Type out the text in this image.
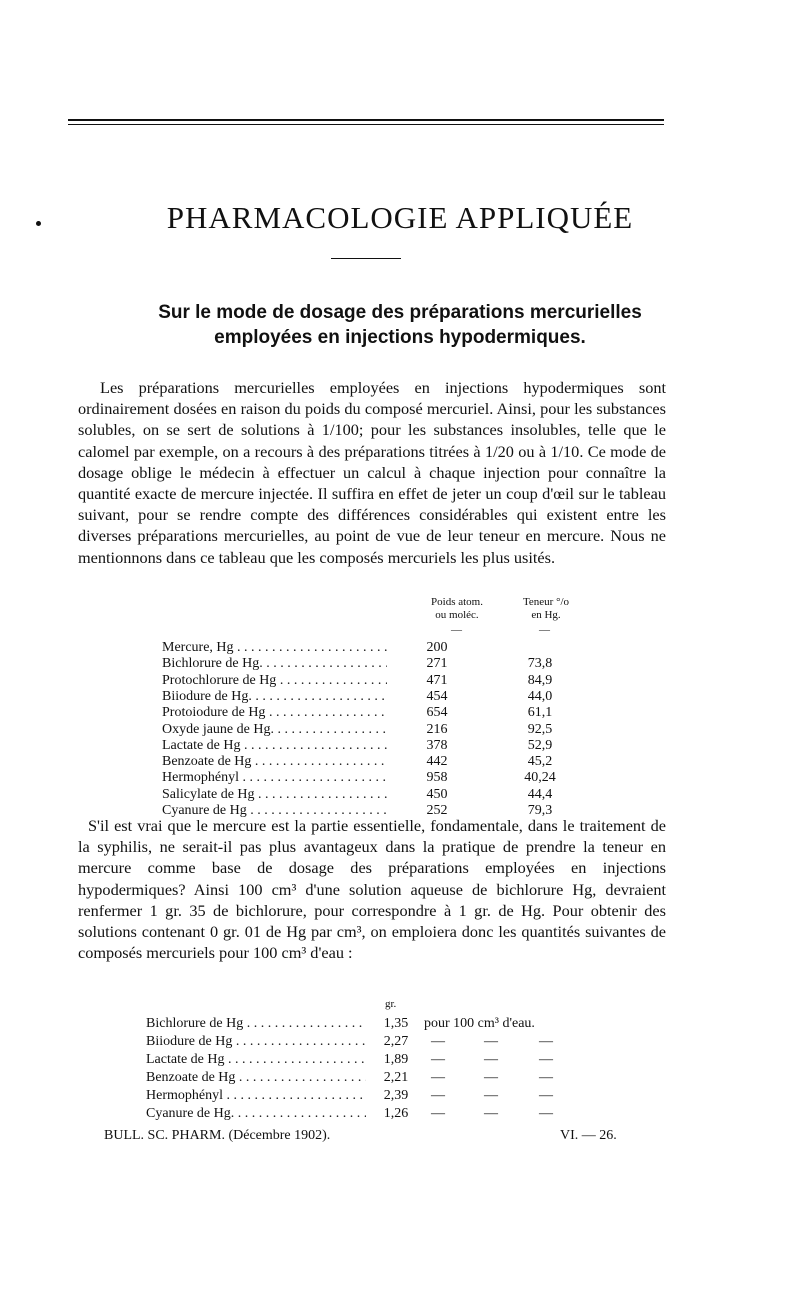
PHARMACOLOGIE APPLIQUÉE
Sur le mode de dosage des préparations mercurielles
employées en injections hypodermiques.
Les préparations mercurielles employées en injections hypodermiques sont ordinairement dosées en raison du poids du composé mercuriel. Ainsi, pour les substances solubles, on se sert de solutions à 1/100; pour les substances insolubles, telle que le calomel par exemple, on a recours à des préparations titrées à 1/20 ou à 1/10. Ce mode de dosage oblige le médecin à effectuer un calcul à chaque injection pour connaître la quantité exacte de mercure injectée. Il suffira en effet de jeter un coup d'œil sur le tableau suivant, pour se rendre compte des différences considérables qui existent entre les diverses préparations mercurielles, au point de vue de leur teneur en mercure. Nous ne mentionnons dans ce tableau que les composés mercuriels les plus usités.
Poids atom.
ou moléc.
Teneur °/o
en Hg.
—	—
Mercure, Hg . . .	200
Bichlorure de Hg. . . .	271	73,8
Protochlorure de Hg . . .	471	84,9
Biiodure de Hg. . . .	454	44,0
Protoiodure de Hg . . .	654	61,1
Oxyde jaune de Hg. . . .	216	92,5
Lactate de Hg . . .	378	52,9
Benzoate de Hg . . .	442	45,2
Hermophényl . . .	958	40,24
Salicylate de Hg . . .	450	44,4
Cyanure de Hg . . .	252	79,3
S'il est vrai que le mercure est la partie essentielle, fondamentale, dans le traitement de la syphilis, ne serait-il pas plus avantageux dans la pratique de prendre la teneur en mercure comme base de dosage des préparations employées en injections hypodermiques? Ainsi 100 cm³ d'une solution aqueuse de bichlorure Hg, devraient renfermer 1 gr. 35 de bichlorure, pour correspondre à 1 gr. de Hg. Pour obtenir des solutions contenant 0 gr. 01 de Hg par cm³, on emploiera donc les quantités suivantes de composés mercuriels pour 100 cm³ d'eau :
gr.
Bichlorure de Hg . . .	1,35	pour 100 cm³ d'eau.
Biiodure de Hg . . .	2,27	—	—	—
Lactate de Hg . . .	1,89	—	—	—
Benzoate de Hg . . .	2,21	—	—	—
Hermophényl . . .	2,39	—	—	—
Cyanure de Hg. . . .	1,26	—	—	—
BULL. SC. PHARM. (Décembre 1902).	VI. — 26.
